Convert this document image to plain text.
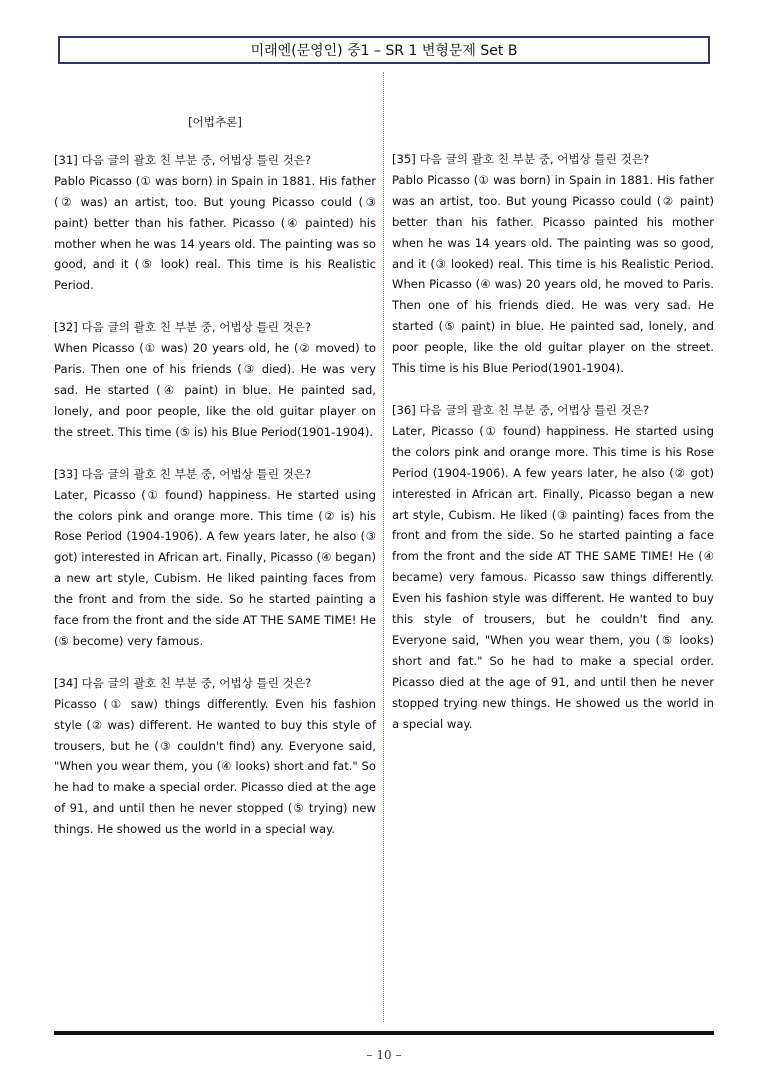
미래엔(문영인) 중1 – SR 1 변형문제 Set B
[어법추론]
[31] 다음 글의 괄호 친 부분 중, 어법상 틀린 것은?
Pablo Picasso (① was born) in Spain in 1881. His father (② was) an artist, too. But young Picasso could (③ paint) better than his father. Picasso (④ painted) his mother when he was 14 years old. The painting was so good, and it (⑤ look) real. This time is his Realistic Period.
[32] 다음 글의 괄호 친 부분 중, 어법상 틀린 것은?
When Picasso (① was) 20 years old, he (② moved) to Paris. Then one of his friends (③ died). He was very sad. He started (④ paint) in blue. He painted sad, lonely, and poor people, like the old guitar player on the street. This time (⑤ is) his Blue Period(1901-1904).
[33] 다음 글의 괄호 친 부분 중, 어법상 틀린 것은?
Later, Picasso (① found) happiness. He started using the colors pink and orange more. This time (② is) his Rose Period (1904-1906). A few years later, he also (③ got) interested in African art. Finally, Picasso (④ began) a new art style, Cubism. He liked painting faces from the front and from the side. So he started painting a face from the front and the side AT THE SAME TIME! He (⑤ become) very famous.
[34] 다음 글의 괄호 친 부분 중, 어법상 틀린 것은?
Picasso (① saw) things differently. Even his fashion style (② was) different. He wanted to buy this style of trousers, but he (③ couldn't find) any. Everyone said, "When you wear them, you (④ looks) short and fat." So he had to make a special order. Picasso died at the age of 91, and until then he never stopped (⑤ trying) new things. He showed us the world in a special way.
[35] 다음 글의 괄호 친 부분 중, 어법상 틀린 것은?
Pablo Picasso (① was born) in Spain in 1881. His father was an artist, too. But young Picasso could (② paint) better than his father. Picasso painted his mother when he was 14 years old. The painting was so good, and it (③ looked) real. This time is his Realistic Period. When Picasso (④ was) 20 years old, he moved to Paris. Then one of his friends died. He was very sad. He started (⑤ paint) in blue. He painted sad, lonely, and poor people, like the old guitar player on the street. This time is his Blue Period(1901-1904).
[36] 다음 글의 괄호 친 부분 중, 어법상 틀린 것은?
Later, Picasso (① found) happiness. He started using the colors pink and orange more. This time is his Rose Period (1904-1906). A few years later, he also (② got) interested in African art. Finally, Picasso began a new art style, Cubism. He liked (③ painting) faces from the front and from the side. So he started painting a face from the front and the side AT THE SAME TIME! He (④ became) very famous. Picasso saw things differently. Even his fashion style was different. He wanted to buy this style of trousers, but he couldn't find any. Everyone said, "When you wear them, you (⑤ looks) short and fat." So he had to make a special order. Picasso died at the age of 91, and until then he never stopped trying new things. He showed us the world in a special way.
– 10 –
